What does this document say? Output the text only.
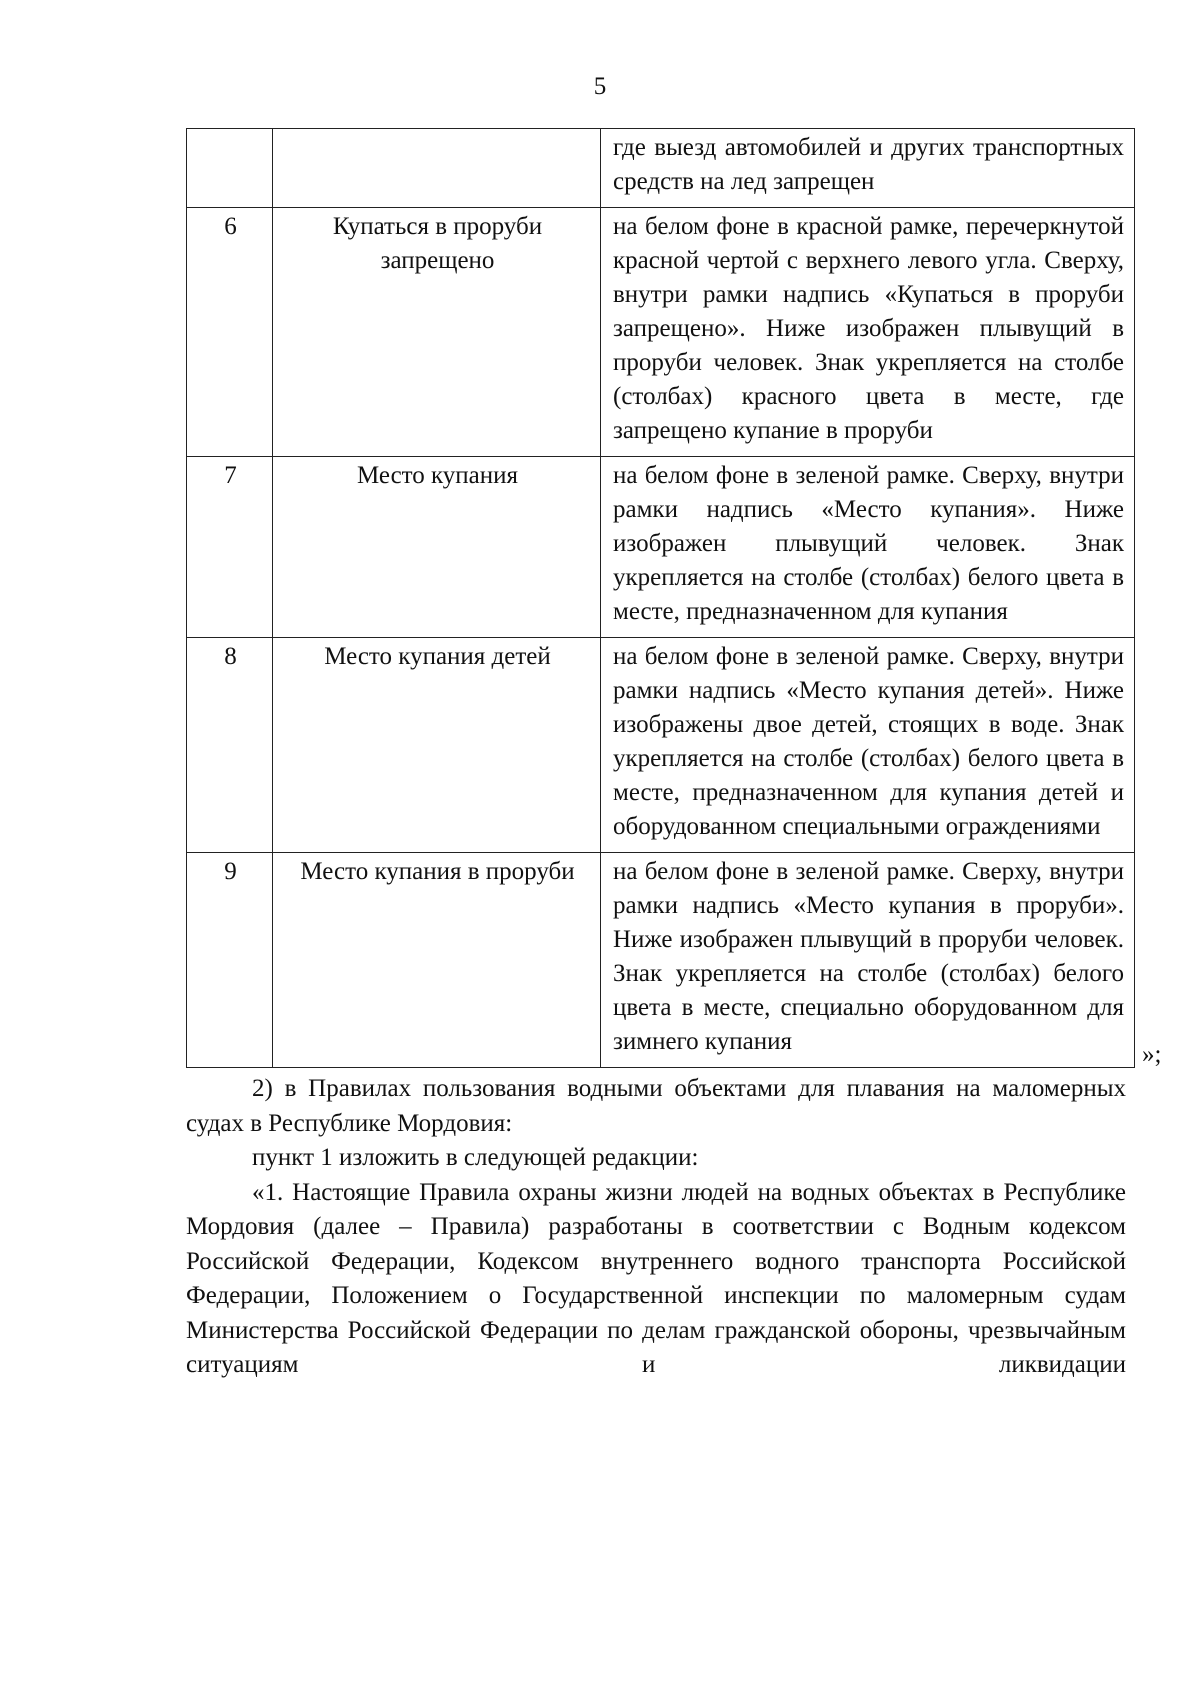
5
		где выезд автомобилей и других транспортных средств на лед запрещен
6	Купаться в проруби запрещено	на белом фоне в красной рамке, перечеркнутой красной чертой с верхнего левого угла. Сверху, внутри рамки надпись «Купаться в проруби запрещено». Ниже изображен плывущий в проруби человек. Знак укрепляется на столбе (столбах) красного цвета в месте, где запрещено купание в проруби
7	Место купания	на белом фоне в зеленой рамке. Сверху, внутри рамки надпись «Место купания». Ниже изображен плывущий человек. Знак укрепляется на столбе (столбах) белого цвета в месте, предназначенном для купания
8	Место купания детей	на белом фоне в зеленой рамке. Сверху, внутри рамки надпись «Место купания детей». Ниже изображены двое детей, стоящих в воде. Знак укрепляется на столбе (столбах) белого цвета в месте, предназначенном для купания детей и оборудованном специальными ограждениями
9	Место купания в проруби	на белом фоне в зеленой рамке. Сверху, внутри рамки надпись «Место купания в проруби». Ниже изображен плывущий в проруби человек. Знак укрепляется на столбе (столбах) белого цвета в месте, специально оборудованном для зимнего купания	»;

2) в Правилах пользования водными объектами для плавания на маломерных судах в Республике Мордовия:

пункт 1 изложить в следующей редакции:

«1. Настоящие Правила охраны жизни людей на водных объектах в Республике Мордовия (далее – Правила) разработаны в соответствии с Водным кодексом Российской Федерации, Кодексом внутреннего водного транспорта Российской Федерации, Положением о Государственной инспекции по маломерным судам Министерства Российской Федерации по делам гражданской обороны, чрезвычайным ситуациям и ликвидации
